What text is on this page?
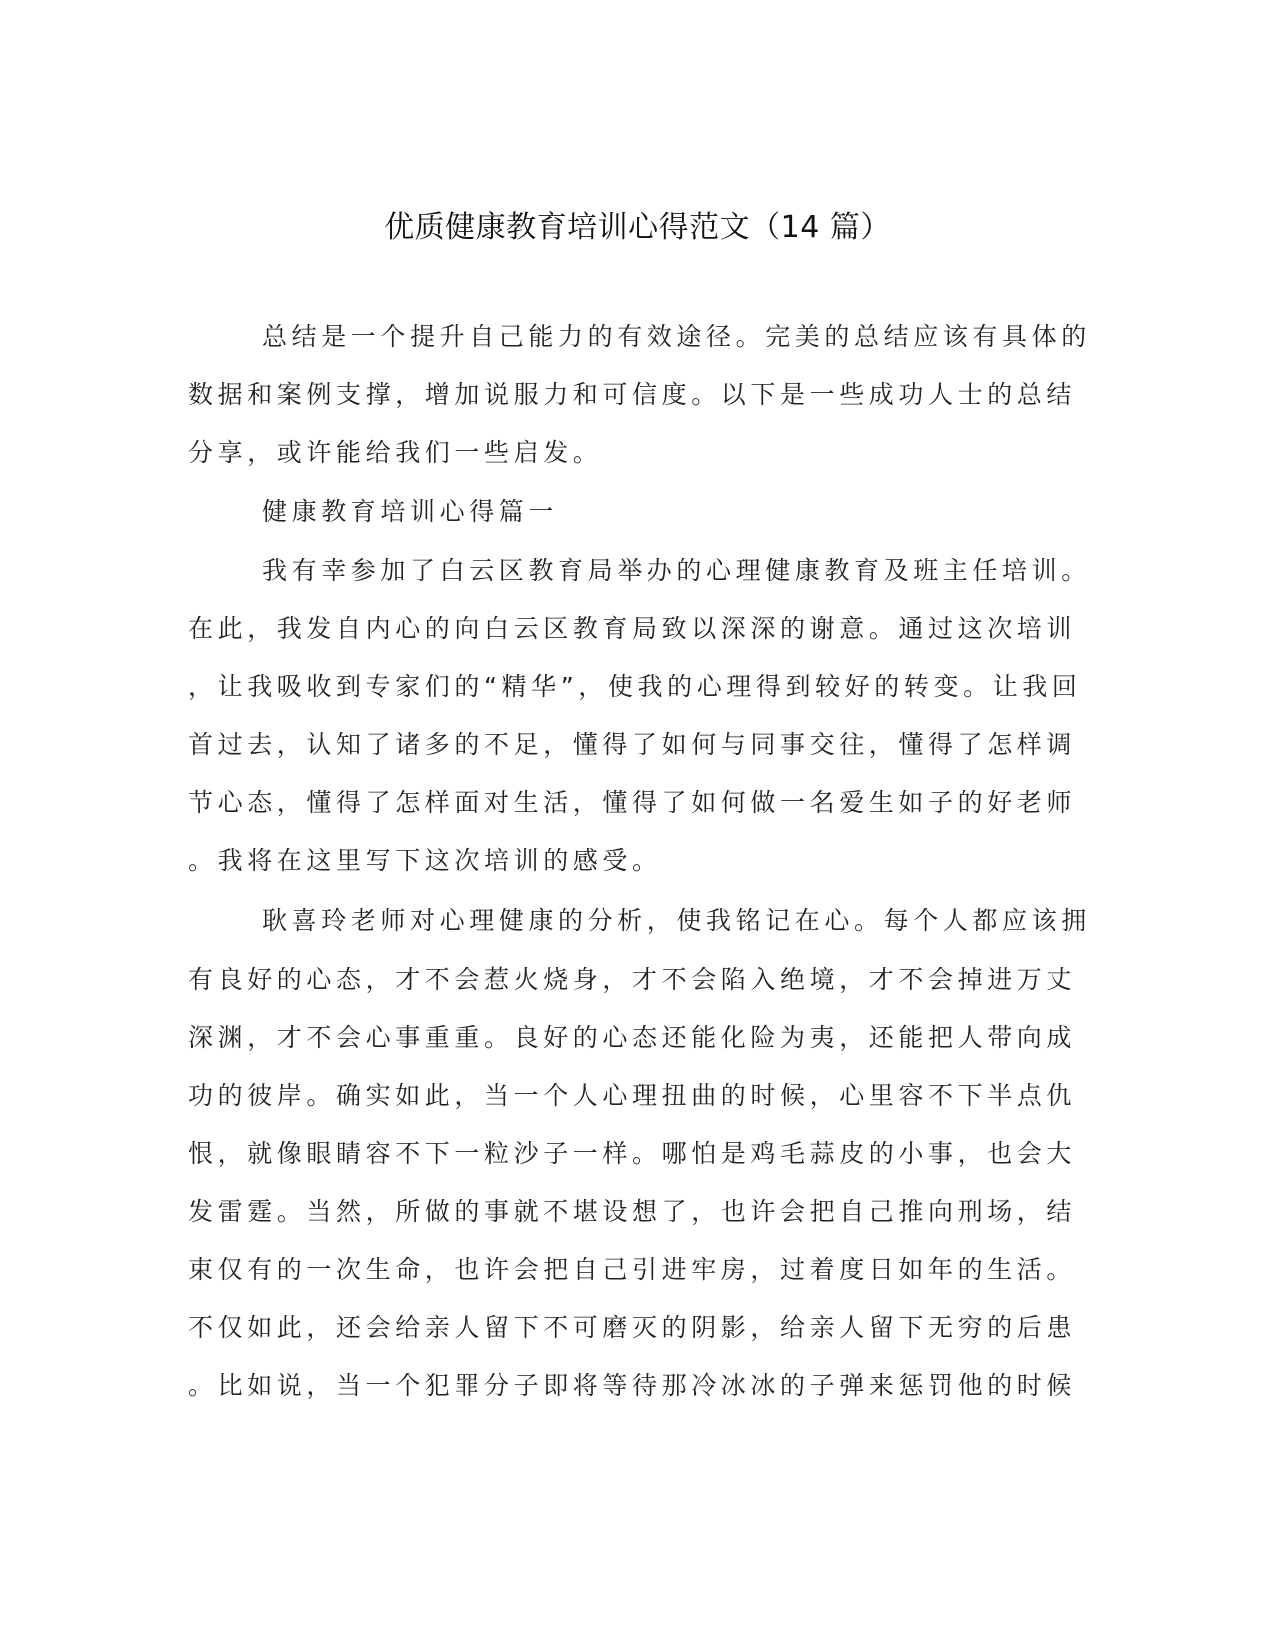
优质健康教育培训心得范文（14 篇）
总结是一个提升自己能力的有效途径。完美的总结应该有具体的
数据和案例支撑，增加说服力和可信度。以下是一些成功人士的总结
分享，或许能给我们一些启发。
健康教育培训心得篇一
我有幸参加了白云区教育局举办的心理健康教育及班主任培训。
在此，我发自内心的向白云区教育局致以深深的谢意。通过这次培训
，让我吸收到专家们的“精华”，使我的心理得到较好的转变。让我回
首过去，认知了诸多的不足，懂得了如何与同事交往，懂得了怎样调
节心态，懂得了怎样面对生活，懂得了如何做一名爱生如子的好老师
。我将在这里写下这次培训的感受。
耿喜玲老师对心理健康的分析，使我铭记在心。每个人都应该拥
有良好的心态，才不会惹火烧身，才不会陷入绝境，才不会掉进万丈
深渊，才不会心事重重。良好的心态还能化险为夷，还能把人带向成
功的彼岸。确实如此，当一个人心理扭曲的时候，心里容不下半点仇
恨，就像眼睛容不下一粒沙子一样。哪怕是鸡毛蒜皮的小事，也会大
发雷霆。当然，所做的事就不堪设想了，也许会把自己推向刑场，结
束仅有的一次生命，也许会把自己引进牢房，过着度日如年的生活。
不仅如此，还会给亲人留下不可磨灭的阴影，给亲人留下无穷的后患
。比如说，当一个犯罪分子即将等待那冷冰冰的子弹来惩罚他的时候
